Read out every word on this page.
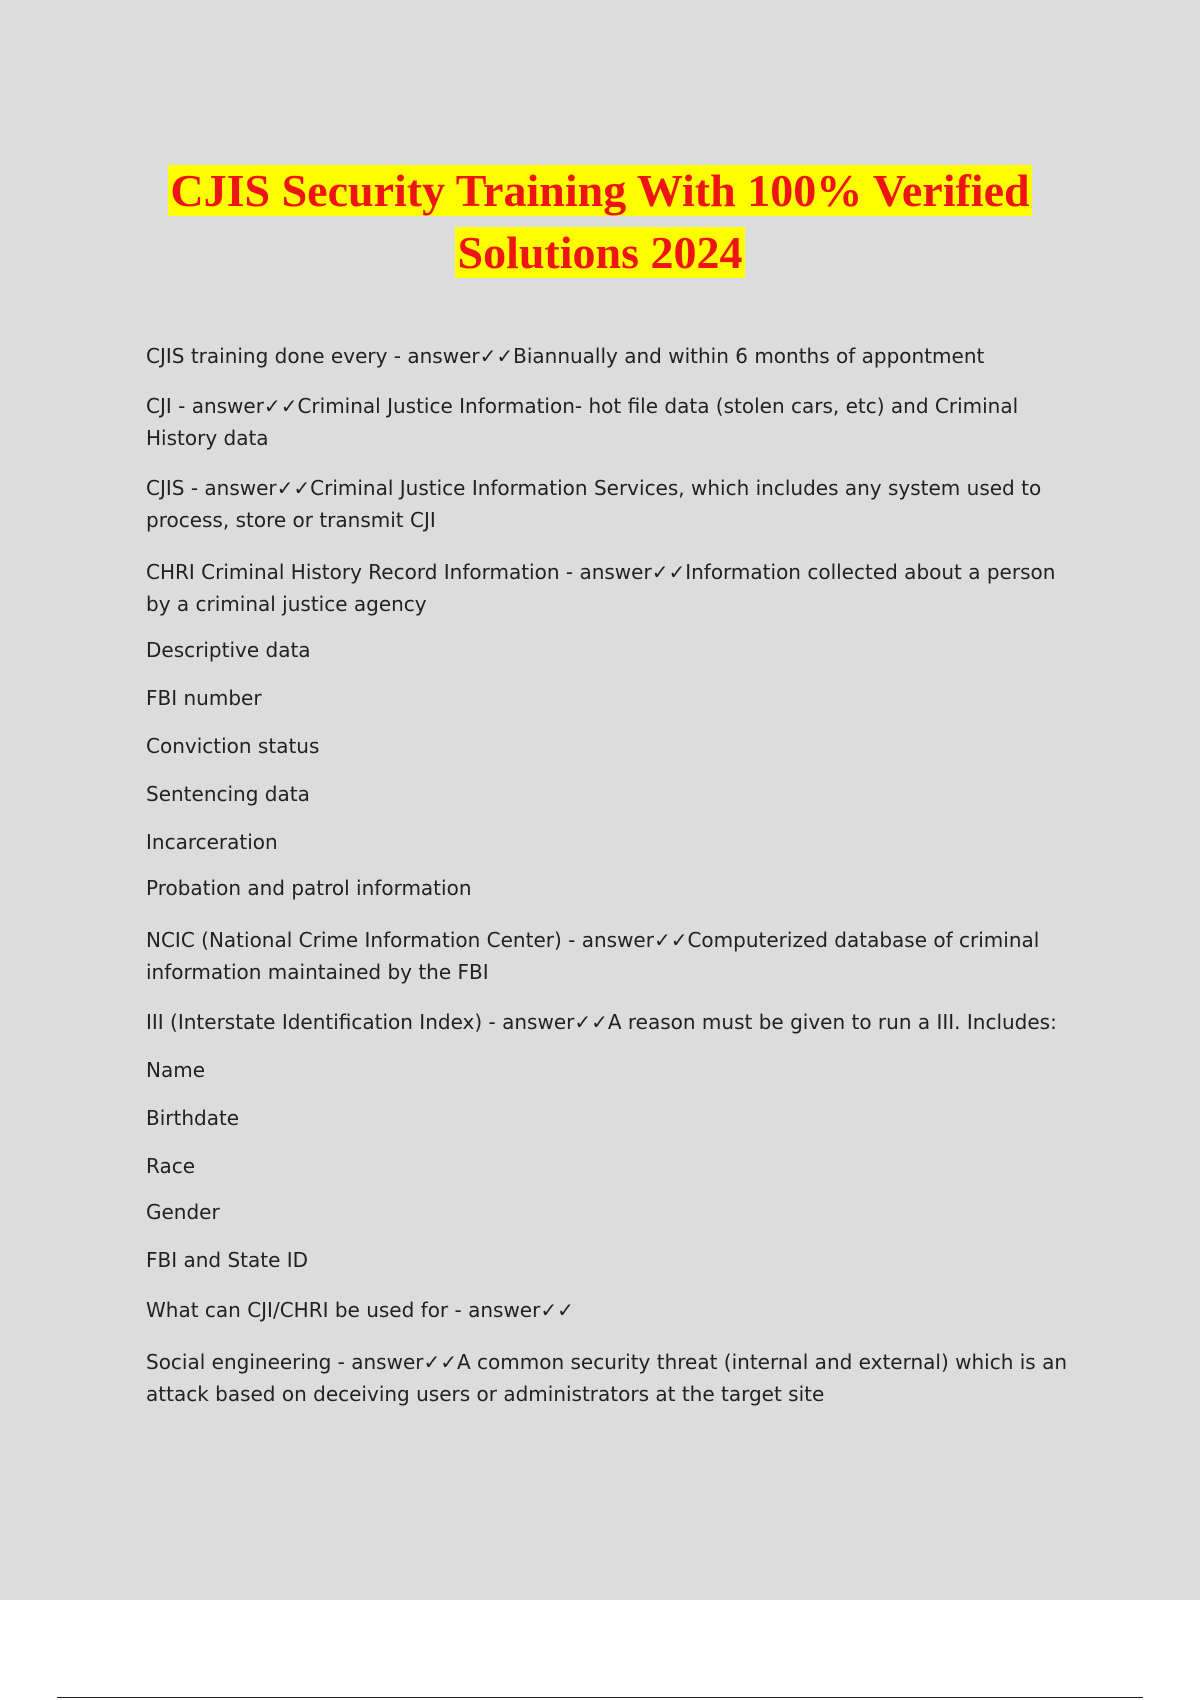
CJIS Security Training With 100% Verified
Solutions 2024

CJIS training done every - answer✓✓Biannually and within 6 months of appontment

CJI - answer✓✓Criminal Justice Information- hot file data (stolen cars, etc) and Criminal History data

CJIS - answer✓✓Criminal Justice Information Services, which includes any system used to process, store or transmit CJI

CHRI Criminal History Record Information - answer✓✓Information collected about a person by a criminal justice agency

Descriptive data

FBI number

Conviction status

Sentencing data

Incarceration

Probation and patrol information

NCIC (National Crime Information Center) - answer✓✓Computerized database of criminal information maintained by the FBI

III (Interstate Identification Index) - answer✓✓A reason must be given to run a III. Includes:

Name

Birthdate

Race

Gender

FBI and State ID

What can CJI/CHRI be used for - answer✓✓

Social engineering - answer✓✓A common security threat (internal and external) which is an attack based on deceiving users or administrators at the target site
